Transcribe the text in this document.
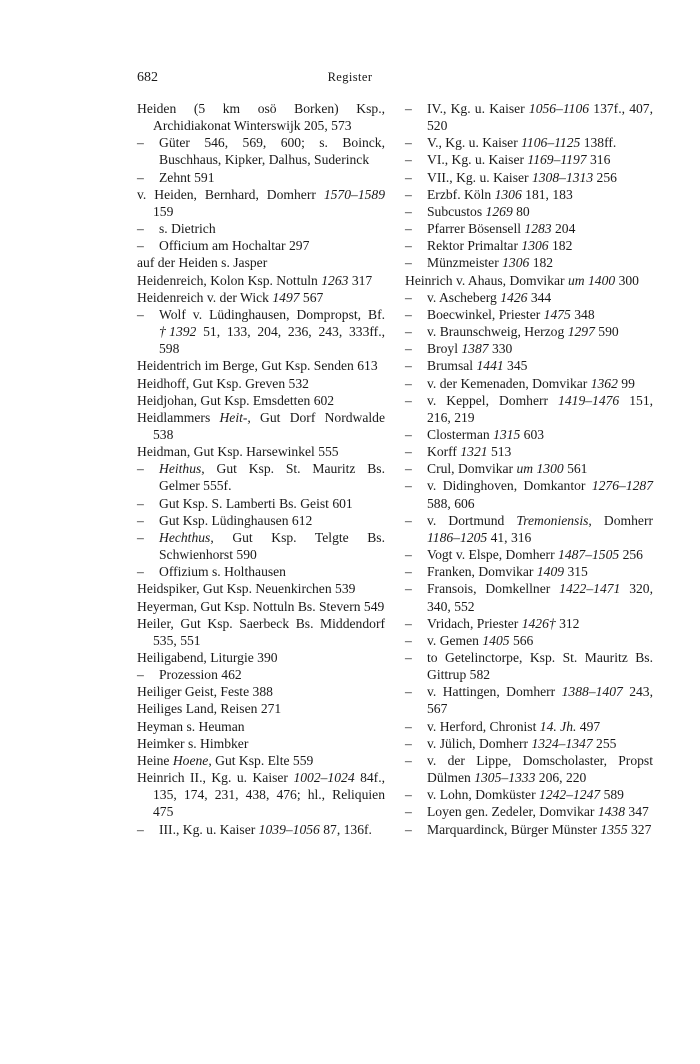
682	Register
Heiden (5 km osö Borken) Ksp., Archidiakonat Winterswijk 205, 573
– Güter 546, 569, 600; s. Boinck, Buschhaus, Kipker, Dalhus, Suderinck
– Zehnt 591
v. Heiden, Bernhard, Domherr 1570–1589 159
– s. Dietrich
– Officium am Hochaltar 297
auf der Heiden s. Jasper
Heidenreich, Kolon Ksp. Nottuln 1263 317
Heidenreich v. der Wick 1497 567
– Wolf v. Lüdinghausen, Dompropst, Bf. †1392 51, 133, 204, 236, 243, 333ff., 598
Heidentrich im Berge, Gut Ksp. Senden 613
Heidhoff, Gut Ksp. Greven 532
Heidjohan, Gut Ksp. Emsdetten 602
Heidlammers Heit-, Gut Dorf Nordwalde 538
Heidman, Gut Ksp. Harsewinkel 555
– Heithus, Gut Ksp. St. Mauritz Bs. Gelmer 555f.
– Gut Ksp. S. Lamberti Bs. Geist 601
– Gut Ksp. Lüdinghausen 612
– Hechthus, Gut Ksp. Telgte Bs. Schwienhorst 590
– Offizium s. Holthausen
Heidspiker, Gut Ksp. Neuenkirchen 539
Heyerman, Gut Ksp. Nottuln Bs. Stevern 549
Heiler, Gut Ksp. Saerbeck Bs. Middendorf 535, 551
Heiligabend, Liturgie 390
– Prozession 462
Heiliger Geist, Feste 388
Heiliges Land, Reisen 271
Heyman s. Heuman
Heimker s. Himbker
Heine Hoene, Gut Ksp. Elte 559
Heinrich II., Kg. u. Kaiser 1002–1024 84f., 135, 174, 231, 438, 476; hl., Reliquien 475
– III., Kg. u. Kaiser 1039–1056 87, 136f.
– IV., Kg. u. Kaiser 1056–1106 137f., 407, 520
– V., Kg. u. Kaiser 1106–1125 138ff.
– VI., Kg. u. Kaiser 1169–1197 316
– VII., Kg. u. Kaiser 1308–1313 256
– Erzbf. Köln 1306 181, 183
– Subcustos 1269 80
– Pfarrer Bösensell 1283 204
– Rektor Primaltar 1306 182
– Münzmeister 1306 182
Heinrich v. Ahaus, Domvikar um 1400 300
– v. Ascheberg 1426 344
– Boecwinkel, Priester 1475 348
– v. Braunschweig, Herzog 1297 590
– Broyl 1387 330
– Brumsal 1441 345
– v. der Kemenaden, Domvikar 1362 99
– v. Keppel, Domherr 1419–1476 151, 216, 219
– Closterman 1315 603
– Korff 1321 513
– Crul, Domvikar um 1300 561
– v. Didinghoven, Domkantor 1276–1287 588, 606
– v. Dortmund Tremoniensis, Domherr 1186–1205 41, 316
– Vogt v. Elspe, Domherr 1487–1505 256
– Franken, Domvikar 1409 315
– Fransois, Domkellner 1422–1471 320, 340, 552
– Vridach, Priester 1426† 312
– v. Gemen 1405 566
– to Getelinctorpe, Ksp. St. Mauritz Bs. Gittrup 582
– v. Hattingen, Domherr 1388–1407 243, 567
– v. Herford, Chronist 14. Jh. 497
– v. Jülich, Domherr 1324–1347 255
– v. der Lippe, Domscholaster, Propst Dülmen 1305–1333 206, 220
– v. Lohn, Domküster 1242–1247 589
– Loyen gen. Zedeler, Domvikar 1438 347
– Marquardinck, Bürger Münster 1355 327
